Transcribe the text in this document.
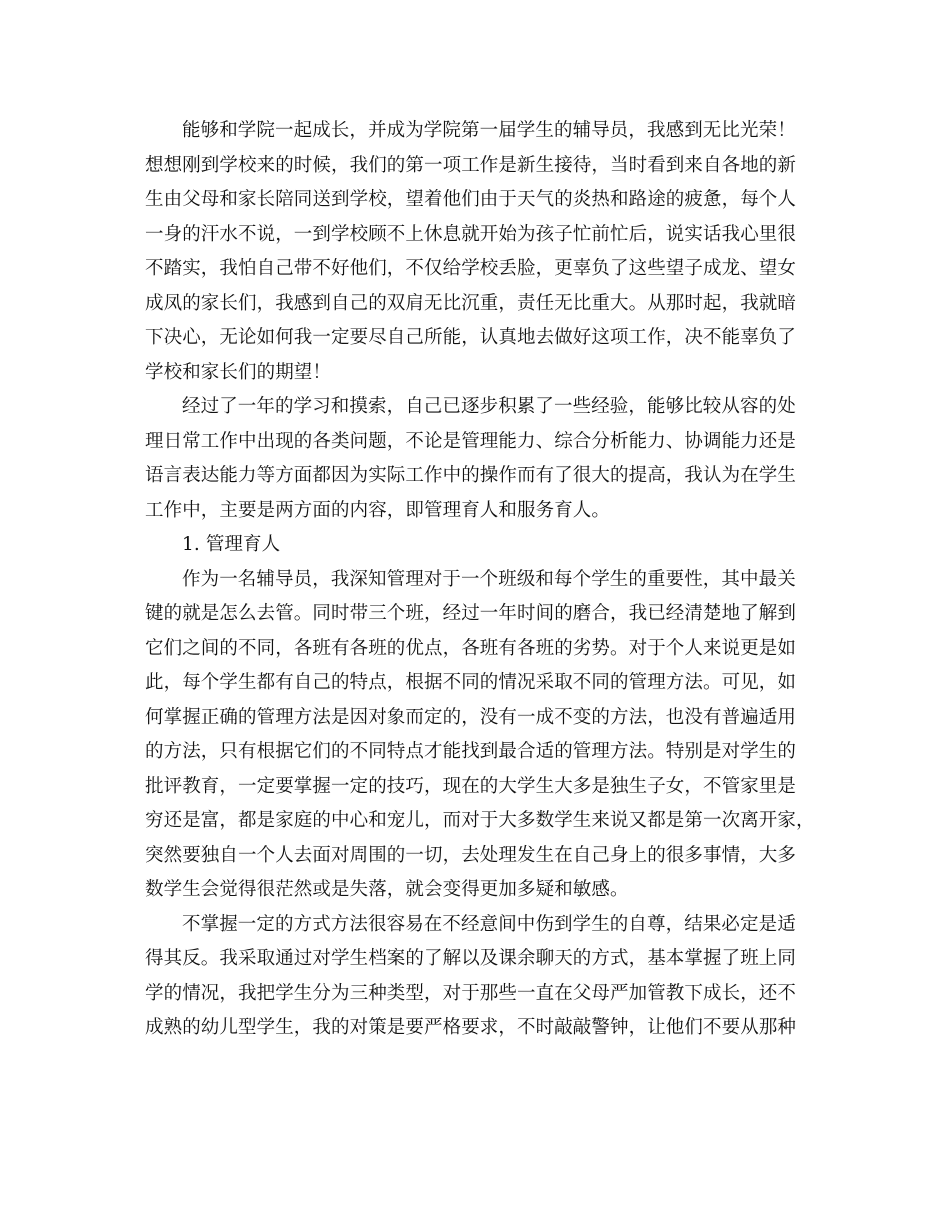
能够和学院一起成长，并成为学院第一届学生的辅导员，我感到无比光荣！
想想刚到学校来的时候，我们的第一项工作是新生接待，当时看到来自各地的新
生由父母和家长陪同送到学校，望着他们由于天气的炎热和路途的疲惫，每个人
一身的汗水不说，一到学校顾不上休息就开始为孩子忙前忙后，说实话我心里很
不踏实，我怕自己带不好他们，不仅给学校丢脸，更辜负了这些望子成龙、望女
成凤的家长们，我感到自己的双肩无比沉重，责任无比重大。从那时起，我就暗
下决心，无论如何我一定要尽自己所能，认真地去做好这项工作，决不能辜负了
学校和家长们的期望！

经过了一年的学习和摸索，自己已逐步积累了一些经验，能够比较从容的处
理日常工作中出现的各类问题，不论是管理能力、综合分析能力、协调能力还是
语言表达能力等方面都因为实际工作中的操作而有了很大的提高，我认为在学生
工作中，主要是两方面的内容，即管理育人和服务育人。

1. 管理育人

作为一名辅导员，我深知管理对于一个班级和每个学生的重要性，其中最关
键的就是怎么去管。同时带三个班，经过一年时间的磨合，我已经清楚地了解到
它们之间的不同，各班有各班的优点，各班有各班的劣势。对于个人来说更是如
此，每个学生都有自己的特点，根据不同的情况采取不同的管理方法。可见，如
何掌握正确的管理方法是因对象而定的，没有一成不变的方法，也没有普遍适用
的方法，只有根据它们的不同特点才能找到最合适的管理方法。特别是对学生的
批评教育，一定要掌握一定的技巧，现在的大学生大多是独生子女，不管家里是
穷还是富，都是家庭的中心和宠儿，而对于大多数学生来说又都是第一次离开家，
突然要独自一个人去面对周围的一切，去处理发生在自己身上的很多事情，大多
数学生会觉得很茫然或是失落，就会变得更加多疑和敏感。

不掌握一定的方式方法很容易在不经意间中伤到学生的自尊，结果必定是适
得其反。我采取通过对学生档案的了解以及课余聊天的方式，基本掌握了班上同
学的情况，我把学生分为三种类型，对于那些一直在父母严加管教下成长，还不
成熟的幼儿型学生，我的对策是要严格要求，不时敲敲警钟，让他们不要从那种
